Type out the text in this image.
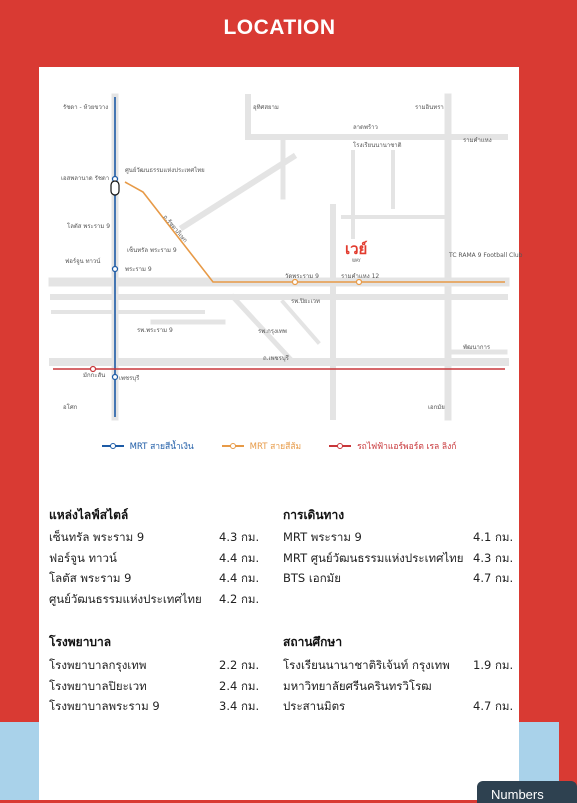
LOCATION
เวย์
WAY
รัชดา - ห้วยขวาง	อุทิศสยาม	รามอินทรา
ลาดพร้าว
เอสพลานาด รัชดา
โลตัส พระราม 9
ฟอร์จูน ทาวน์
เซ็นทรัล พระราม 9
พระราม 9
ศูนย์วัฒนธรรมแห่งประเทศไทย
ถ.รัชดาภิเษก
ถ.เพชรบุรี
เพชรบุรี
มักกะสัน
TC RAMA 9 Football Club
รพ.พระราม 9	รพ.กรุงเทพ
รพ.ปิยะเวท
โรงเรียนนานาชาติ
รามคำแหง
พัฒนาการ
เอกมัย
อโศก
วัดพระราม 9	รามคำแหง 12
MRT สายสีน้ำเงิน	MRT สายสีส้ม	รถไฟฟ้าแอร์พอร์ต เรล ลิงก์
แหล่งไลฟ์สไตล์
เซ็นทรัล พระราม 9	4.3 กม.
ฟอร์จูน ทาวน์	4.4 กม.
โลตัส พระราม 9	4.4 กม.
ศูนย์วัฒนธรรมแห่งประเทศไทย 4.2 กม.
การเดินทาง
MRT พระราม 9	4.1 กม.
MRT ศูนย์วัฒนธรรมแห่งประเทศไทย 4.3 กม.
BTS เอกมัย	4.7 กม.
โรงพยาบาล
โรงพยาบาลกรุงเทพ	2.2 กม.
โรงพยาบาลปิยะเวท	2.4 กม.
โรงพยาบาลพระราม 9	3.4 กม.
สถานศึกษา
โรงเรียนนานาชาติริเจ้นท์ กรุงเทพ 1.9 กม.
มหาวิทยาลัยศรีนครินทรวิโรฒ
ประสานมิตร	4.7 กม.
Numbers
